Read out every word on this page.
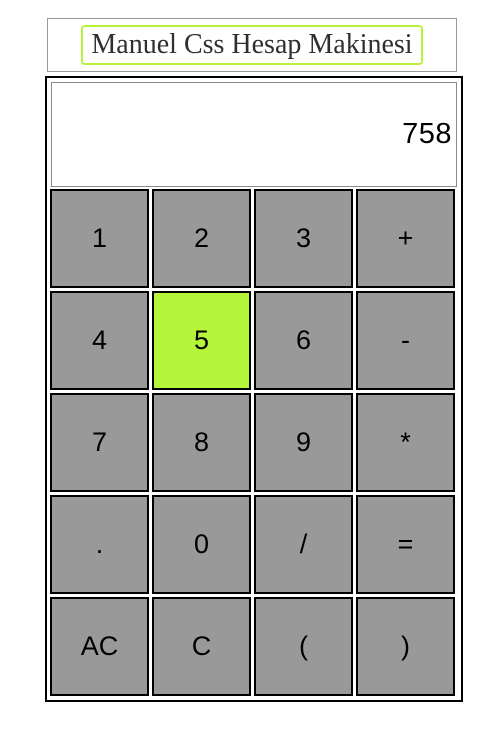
Manuel Css Hesap Makinesi
758
1	2	3	+
4	5	6	-
7	8	9	*
.	0	/	=
AC	C	(	)
